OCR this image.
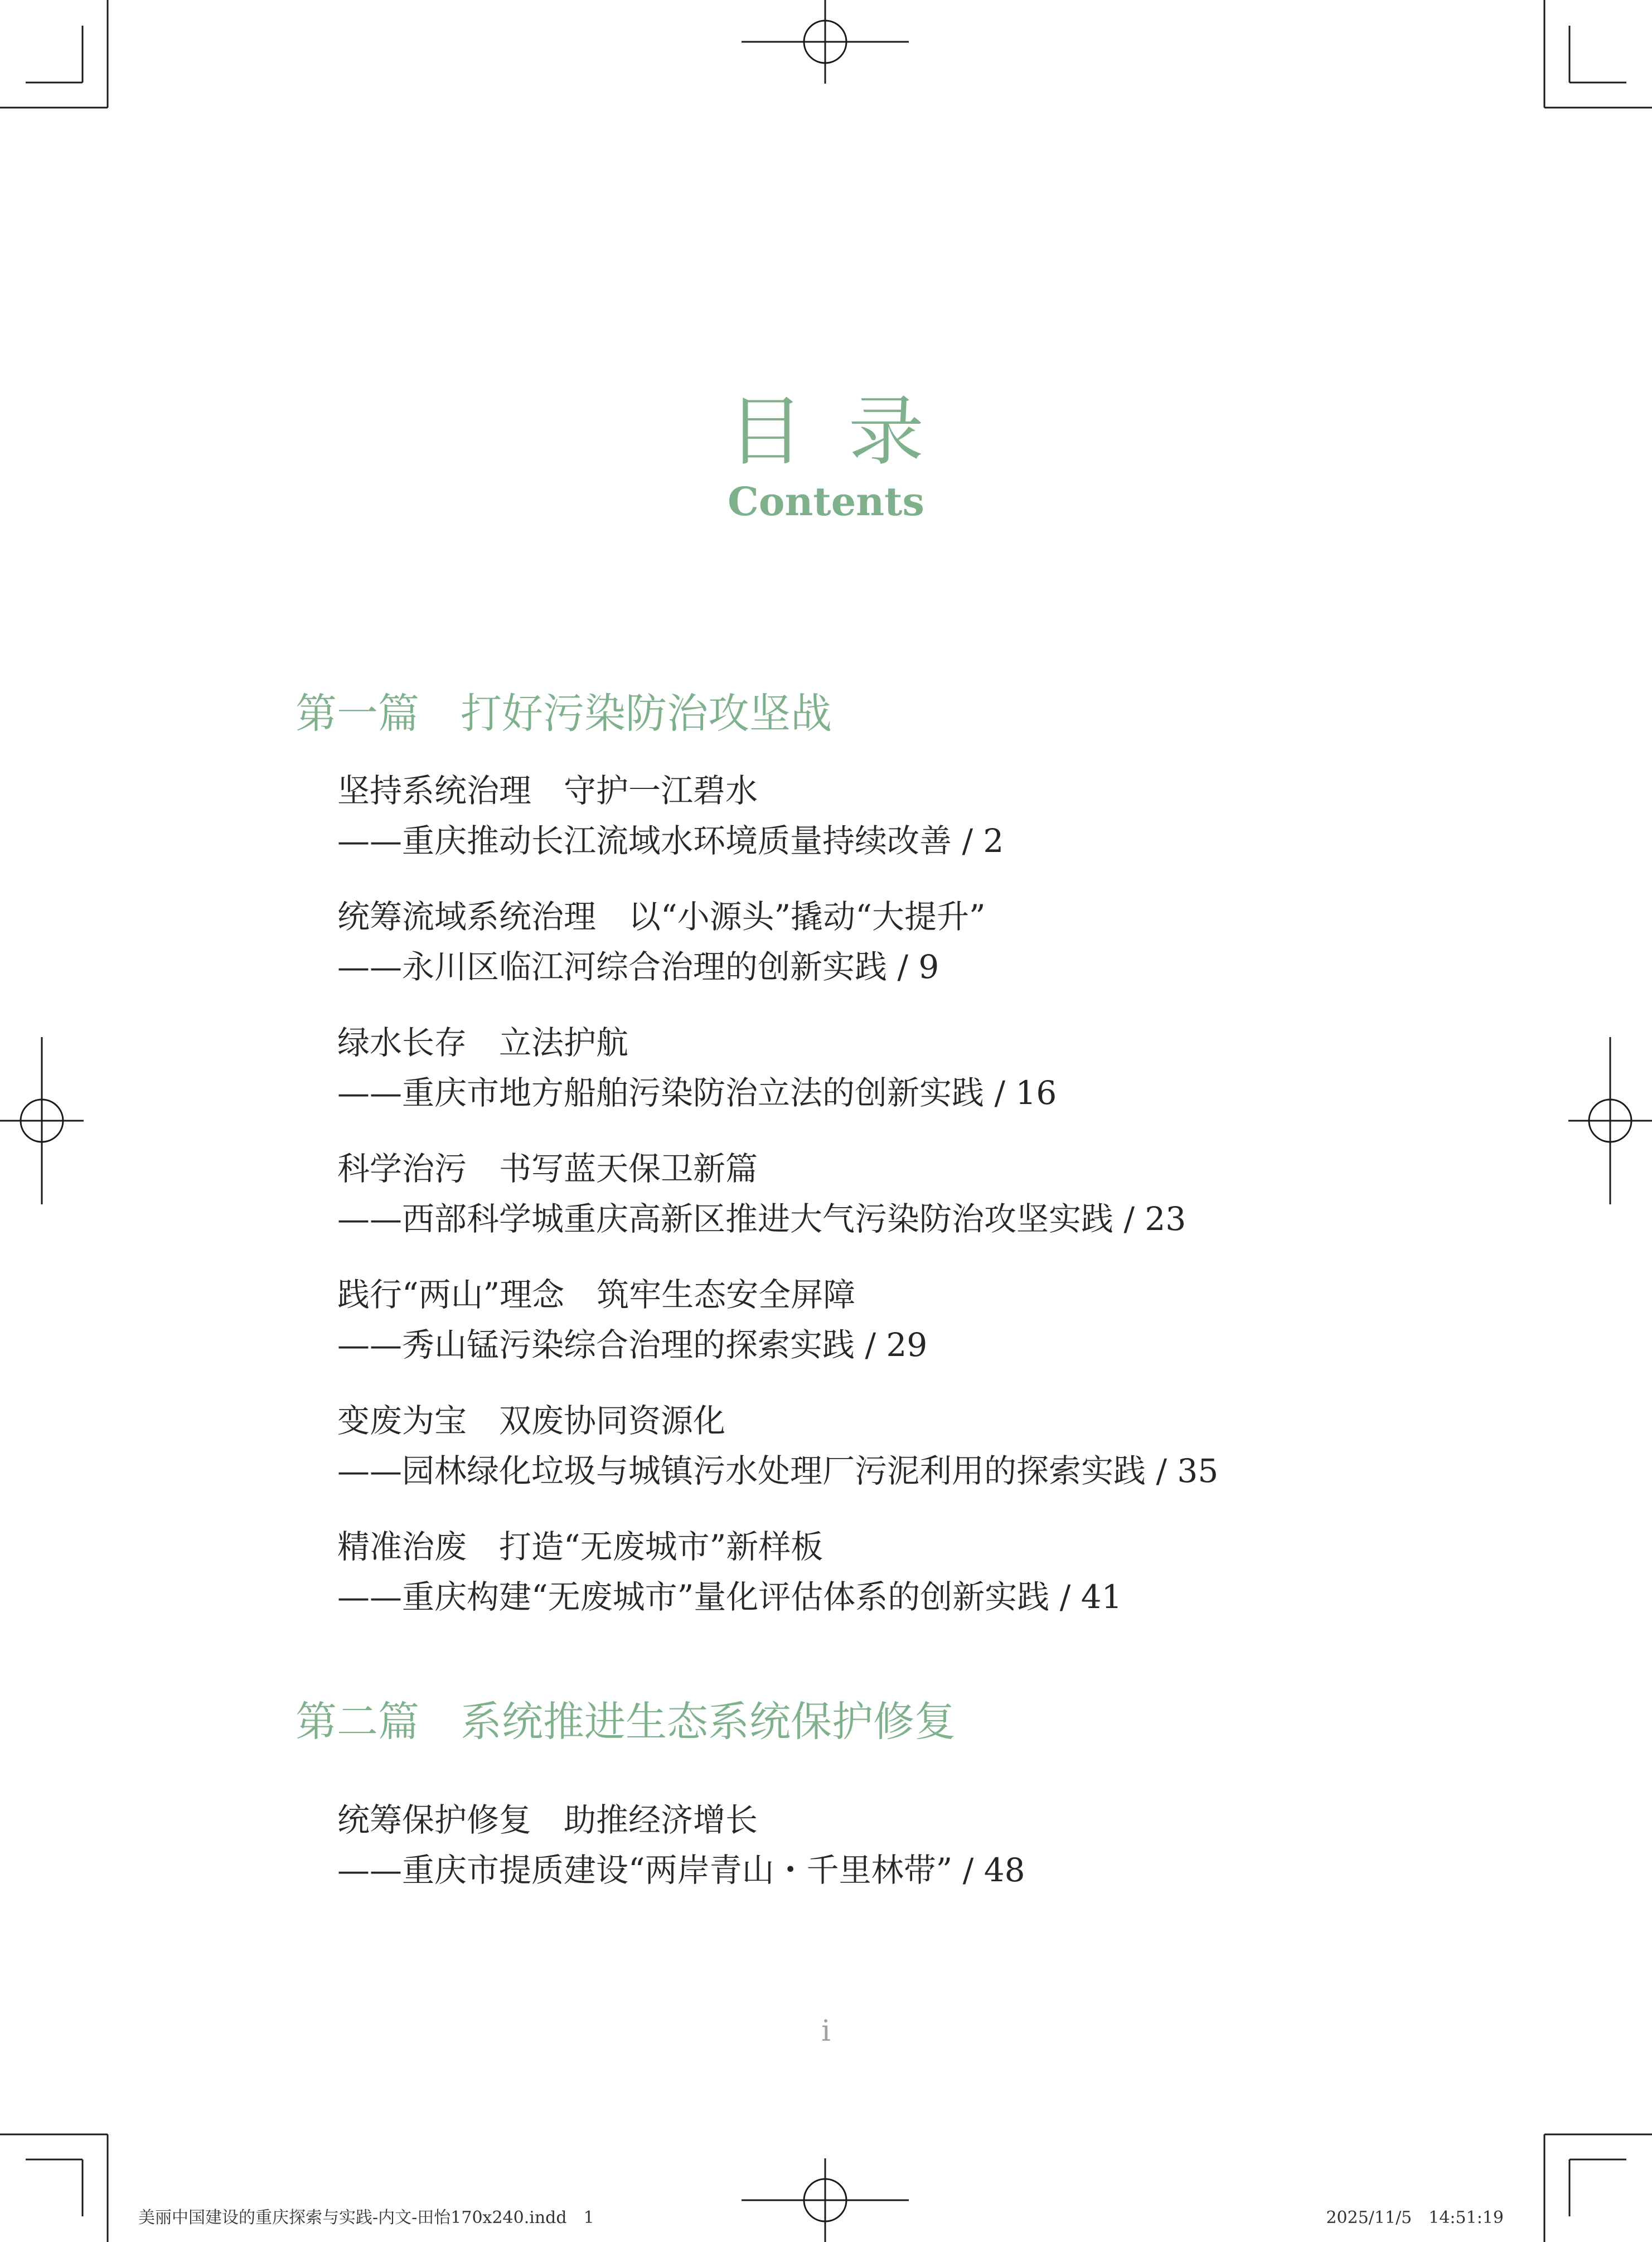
目录
Contents
第一篇　打好污染防治攻坚战

坚持系统治理　守护一江碧水

——重庆推动长江流域水环境质量持续改善 / 2

统筹流域系统治理　以“小源头”撬动“大提升”

——永川区临江河综合治理的创新实践 / 9

绿水长存　立法护航

——重庆市地方船舶污染防治立法的创新实践 / 16

科学治污　书写蓝天保卫新篇

——西部科学城重庆高新区推进大气污染防治攻坚实践 / 23

践行“两山”理念　筑牢生态安全屏障

——秀山锰污染综合治理的探索实践 / 29

变废为宝　双废协同资源化

——园林绿化垃圾与城镇污水处理厂污泥利用的探索实践 / 35

精准治废　打造“无废城市”新样板

——重庆构建“无废城市”量化评估体系的创新实践 / 41

第二篇　系统推进生态系统保护修复

统筹保护修复　助推经济增长

——重庆市提质建设“两岸青山・千里林带” / 48

i
美丽中国建设的重庆探索与实践-内文-田怡170x240.indd　1	2025/11/5　14:51:19
